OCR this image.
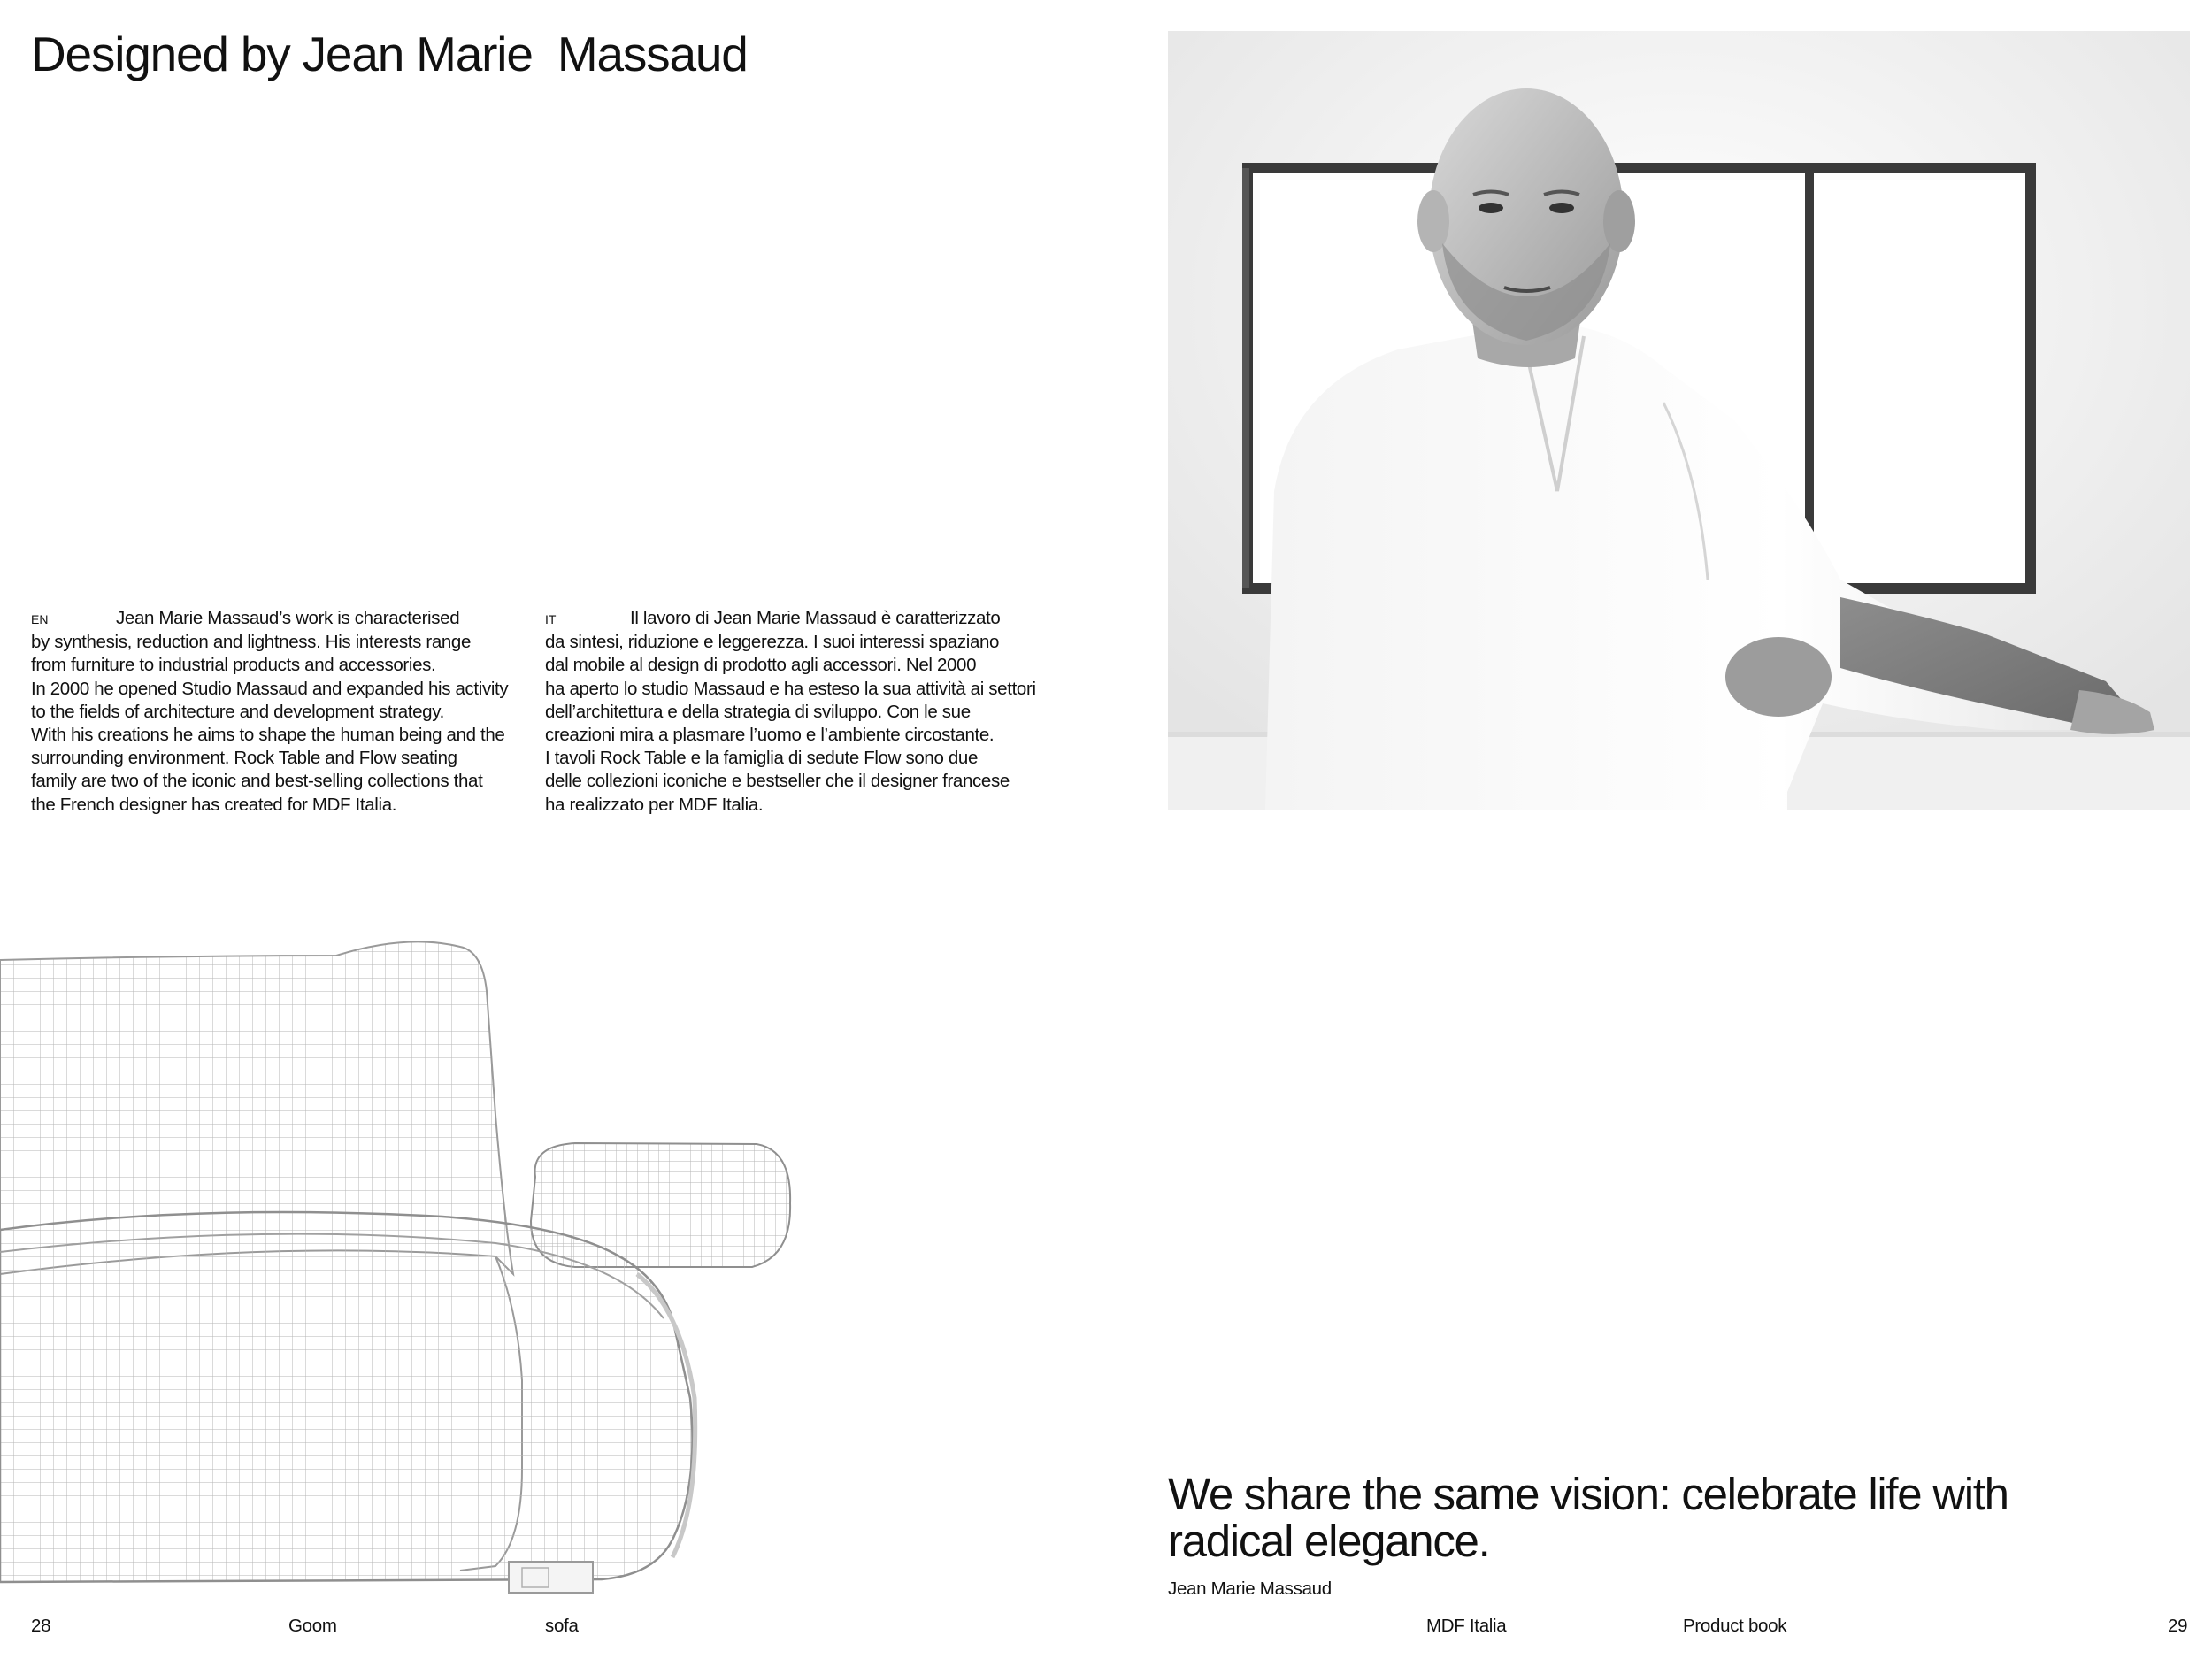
Designed by Jean Marie  Massaud
EN	Jean Marie Massaud’s work is characterised
by synthesis, reduction and lightness. His interests range
from furniture to industrial products and accessories.
In 2000 he opened Studio Massaud and expanded his activity
to the fields of architecture and development strategy.
With his creations he aims to shape the human being and the
surrounding environment. Rock Table and Flow seating
family are two of the iconic and best-selling collections that
the French designer has created for MDF Italia.
IT	Il lavoro di Jean Marie Massaud è caratterizzato
da sintesi, riduzione e leggerezza. I suoi interessi spaziano
dal mobile al design di prodotto agli accessori. Nel 2000
ha aperto lo studio Massaud e ha esteso la sua attività ai settori
dell’architettura e della strategia di sviluppo. Con le sue
creazioni mira a plasmare l’uomo e l’ambiente circostante.
I tavoli Rock Table e la famiglia di sedute Flow sono due
delle collezioni iconiche e bestseller che il designer francese
ha realizzato per MDF Italia.
We share the same vision: celebrate life with
radical elegance.
Jean Marie Massaud
28	Goom	sofa	MDF Italia	Product book	29
